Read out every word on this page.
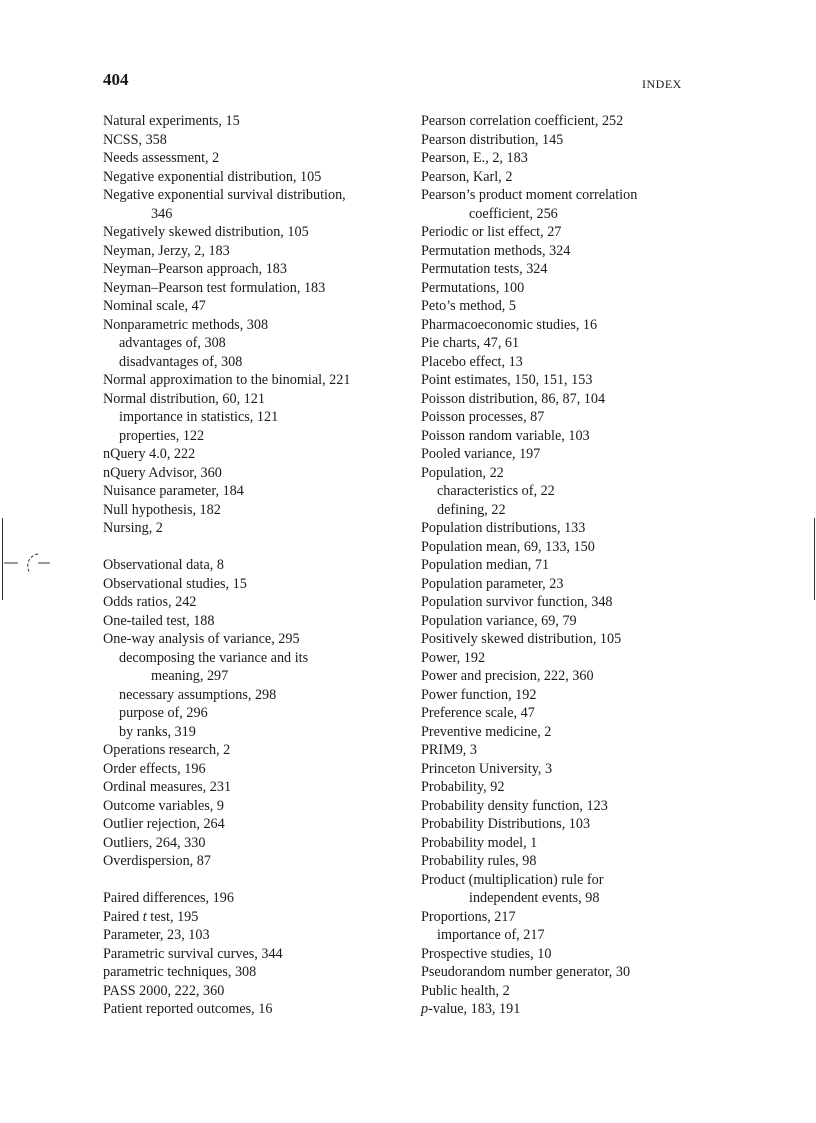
404	INDEX
Natural experiments, 15
NCSS, 358
Needs assessment, 2
Negative exponential distribution, 105
Negative exponential survival distribution,
346
Negatively skewed distribution, 105
Neyman, Jerzy, 2, 183
Neyman–Pearson approach, 183
Neyman–Pearson test formulation, 183
Nominal scale, 47
Nonparametric methods, 308
advantages of, 308
disadvantages of, 308
Normal approximation to the binomial, 221
Normal distribution, 60, 121
importance in statistics, 121
properties, 122
nQuery 4.0, 222
nQuery Advisor, 360
Nuisance parameter, 184
Null hypothesis, 182
Nursing, 2
Observational data, 8
Observational studies, 15
Odds ratios, 242
One-tailed test, 188
One-way analysis of variance, 295
decomposing the variance and its
meaning, 297
necessary assumptions, 298
purpose of, 296
by ranks, 319
Operations research, 2
Order effects, 196
Ordinal measures, 231
Outcome variables, 9
Outlier rejection, 264
Outliers, 264, 330
Overdispersion, 87
Paired differences, 196
Paired t test, 195
Parameter, 23, 103
Parametric survival curves, 344
parametric techniques, 308
PASS 2000, 222, 360
Patient reported outcomes, 16
Pearson correlation coefficient, 252
Pearson distribution, 145
Pearson, E., 2, 183
Pearson, Karl, 2
Pearson’s product moment correlation
coefficient, 256
Periodic or list effect, 27
Permutation methods, 324
Permutation tests, 324
Permutations, 100
Peto’s method, 5
Pharmacoeconomic studies, 16
Pie charts, 47, 61
Placebo effect, 13
Point estimates, 150, 151, 153
Poisson distribution, 86, 87, 104
Poisson processes, 87
Poisson random variable, 103
Pooled variance, 197
Population, 22
characteristics of, 22
defining, 22
Population distributions, 133
Population mean, 69, 133, 150
Population median, 71
Population parameter, 23
Population survivor function, 348
Population variance, 69, 79
Positively skewed distribution, 105
Power, 192
Power and precision, 222, 360
Power function, 192
Preference scale, 47
Preventive medicine, 2
PRIM9, 3
Princeton University, 3
Probability, 92
Probability density function, 123
Probability Distributions, 103
Probability model, 1
Probability rules, 98
Product (multiplication) rule for
independent events, 98
Proportions, 217
importance of, 217
Prospective studies, 10
Pseudorandom number generator, 30
Public health, 2
p-value, 183, 191
